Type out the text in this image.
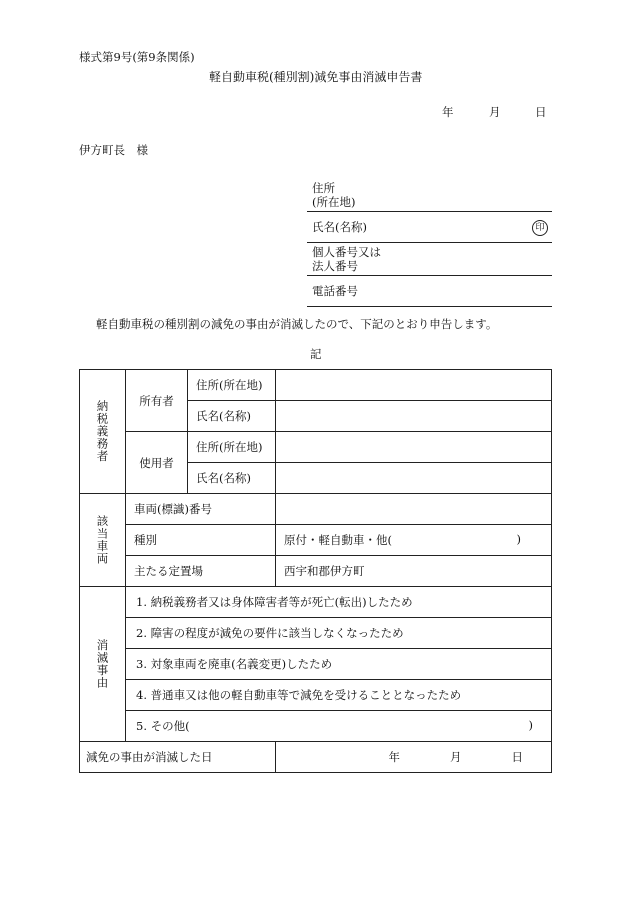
様式第9号(第9条関係)
軽自動車税(種別割)減免事由消滅申告書
年	月	日
伊方町長　様
住所
(所在地)
氏名(名称)	印
個人番号又は
法人番号
電話番号
軽自動車税の種別割の減免の事由が消滅したので、下記のとおり申告します。
記
納税義務者	所有者	住所(所在地)	
		氏名(名称)	
	使用者	住所(所在地)	
		氏名(名称)	
該当車両	車両(標識)番号		
	種別		原付・軽自動車・他( )

	主たる定置場		西宇和郡伊方町
消滅事由	1. 納税義務者又は身体障害者等が死亡(転出)したため		
	2. 障害の程度が減免の要件に該当しなくなったため		
	3. 対象車両を廃車(名義変更)したため		
	4. 普通車又は他の軽自動車等で減免を受けることとなったため		

	5. その他( )		

減免の事由が消滅した日			年 月 日
